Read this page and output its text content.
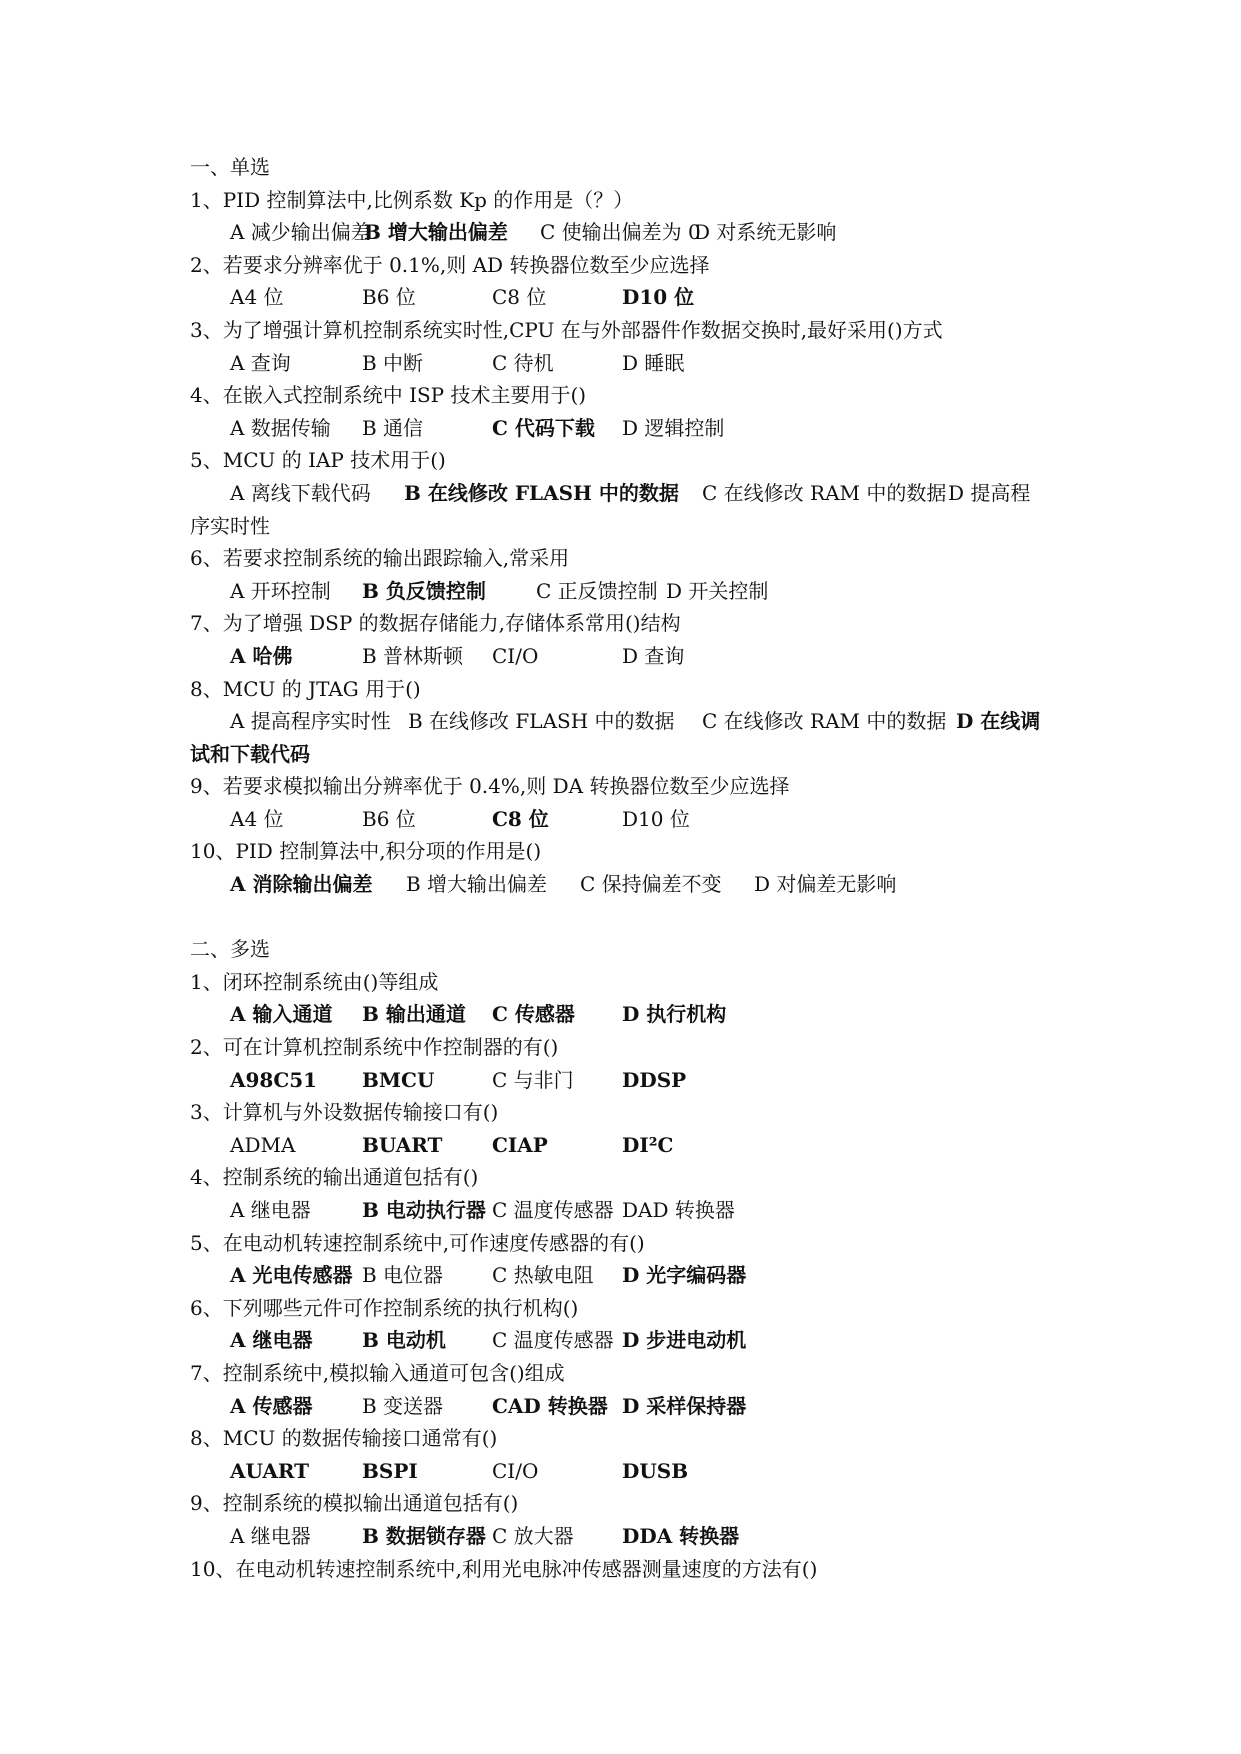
一、单选
1、PID 控制算法中,比例系数 Kp 的作用是（？）
A 减少输出偏差
B 增大输出偏差 C 使输出偏差为 0
D 对系统无影响
2、若要求分辨率优于 0.1%,则 AD 转换器位数至少应选择
A4 位	B6 位	C8 位	D10 位
3、为了增强计算机控制系统实时性,CPU 在与外部器件作数据交换时,最好采用()方式
A 查询	B 中断	C 待机	D 睡眠
4、在嵌入式控制系统中 ISP 技术主要用于()
A 数据传输 B 通信	C 代码下载 D 逻辑控制
5、MCU 的 IAP 技术用于()
A 离线下载代码 B 在线修改 FLASH 中的数据 C 在线修改 RAM 中的数据 D 提高程
序实时性
6、若要求控制系统的输出跟踪输入,常采用
A 开环控制 B 负反馈控制	C 正反馈控制 D 开关控制
7、为了增强 DSP 的数据存储能力,存储体系常用()结构
A 哈佛	B 普林斯顿 CI/O	D 查询
8、MCU 的 JTAG 用于()
A 提高程序实时性 B 在线修改 FLASH 中的数据 C 在线修改 RAM 中的数据 D 在线调
试和下载代码
9、若要求模拟输出分辨率优于 0.4%,则 DA 转换器位数至少应选择
A4 位	B6 位	C8 位	D10 位
10、PID 控制算法中,积分项的作用是()
A 消除输出偏差 B 增大输出偏差 C 保持偏差不变 D 对偏差无影响
二、多选
1、闭环控制系统由()等组成
A 输入通道 B 输出通道 C 传感器 D 执行机构
2、可在计算机控制系统中作控制器的有()
A98C51 BMCU	C 与非门 DDSP
3、计算机与外设数据传输接口有()
ADMA	BUART CIAP	DI²C
4、控制系统的输出通道包括有()
A 继电器	B 电动执行器 C 温度传感器 DAD 转换器
5、在电动机转速控制系统中,可作速度传感器的有()
A 光电传感器 B 电位器 C 热敏电阻 D 光字编码器
6、下列哪些元件可作控制系统的执行机构()
A 继电器 B 电动机 C 温度传感器 D 步进电动机
7、控制系统中,模拟输入通道可包含()组成
A 传感器 B 变送器 CAD 转换器 D 采样保持器
8、MCU 的数据传输接口通常有()
AUART	BSPI	CI/O	DUSB
9、控制系统的模拟输出通道包括有()
A 继电器	B 数据锁存器 C 放大器 DDA 转换器
10、在电动机转速控制系统中,利用光电脉冲传感器测量速度的方法有()
